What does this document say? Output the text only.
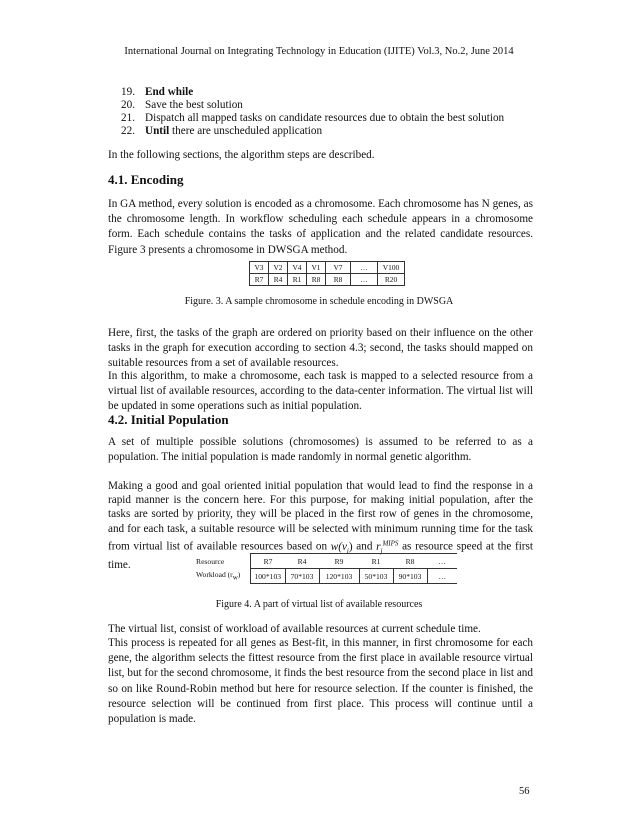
International Journal on Integrating Technology in Education (IJITE) Vol.3, No.2, June 2014
19. End while
20. Save the best solution
21. Dispatch all mapped tasks on candidate resources due to obtain the best solution
22. Until there are unscheduled application

In the following sections, the algorithm steps are described.

4.1. Encoding

In GA method, every solution is encoded as a chromosome. Each chromosome has N genes, as the chromosome length. In workflow scheduling each schedule appears in a chromosome form. Each schedule contains the tasks of application and the related candidate resources. Figure 3 presents a chromosome in DWSGA method.

V3	V2	V4	V1	V7	…	V100
R7	R4	R1	R8	R8	…	R20
Figure. 3. A sample chromosome in schedule encoding in DWSGA

Here, first, the tasks of the graph are ordered on priority based on their influence on the other tasks in the graph for execution according to section 4.3; second, the tasks should mapped on suitable resources from a set of available resources.

In this algorithm, to make a chromosome, each task is mapped to a selected resource from a virtual list of available resources, according to the data-center information. The virtual list will be updated in some operations such as initial population.

4.2. Initial Population

A set of multiple possible solutions (chromosomes) is assumed to be referred to as a population. The initial population is made randomly in normal genetic algorithm.

Making a good and goal oriented initial population that would lead to find the response in a rapid manner is the concern here. For this purpose, for making initial population, after the tasks are sorted by priority, they will be placed in the first row of genes in the chromosome, and for each task, a suitable resource will be selected with minimum running time for the task from virtual list of available resources based on $w(v_i)$ and $r_j^{MIPS}$ as resource speed at the first time.	Resource	R7	R4	R9	R1	R8	…
Workload $(r_w)$	100*103	70*103	120*103	50*103	90*103	…
Figure 4. A part of virtual list of available resources

The virtual list, consist of workload of available resources at current schedule time.

This process is repeated for all genes as Best-fit, in this manner, in first chromosome for each gene, the algorithm selects the fittest resource from the first place in available resource virtual list, but for the second chromosome, it finds the best resource from the second place in list and so on like Round-Robin method but here for resource selection. If the counter is finished, the resource selection will be continued from first place. This process will continue until a population is made.

56
